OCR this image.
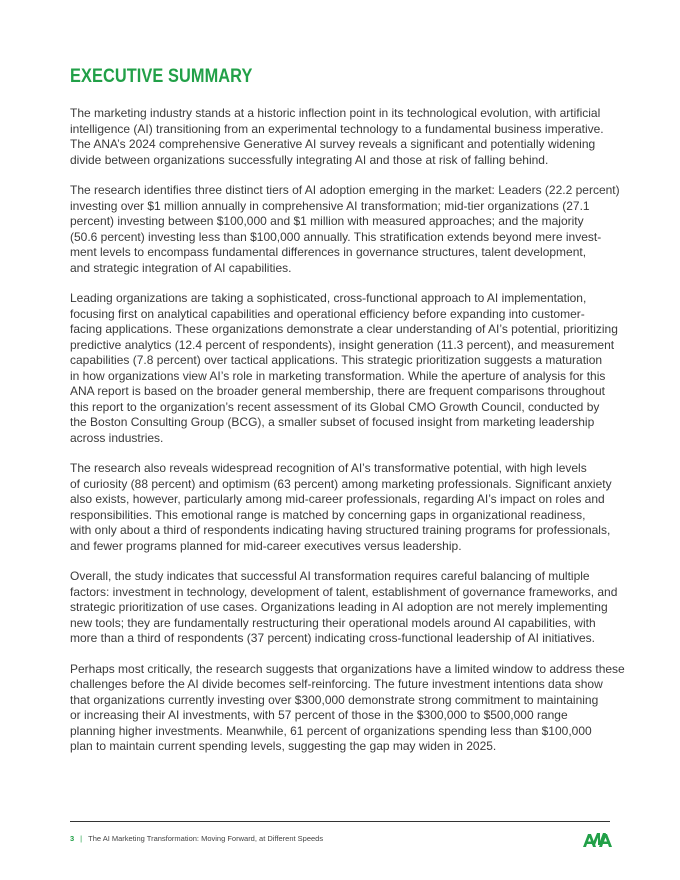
EXECUTIVE SUMMARY

The marketing industry stands at a historic inflection point in its technological evolution, with artificial
intelligence (AI) transitioning from an experimental technology to a fundamental business imperative.
The ANA’s 2024 comprehensive Generative AI survey reveals a significant and potentially widening
divide between organizations successfully integrating AI and those at risk of falling behind.

The research identifies three distinct tiers of AI adoption emerging in the market: Leaders (22.2 percent)
investing over $1 million annually in comprehensive AI transformation; mid-tier organizations (27.1
percent) investing between $100,000 and $1 million with measured approaches; and the majority
(50.6 percent) investing less than $100,000 annually. This stratification extends beyond mere invest-
ment levels to encompass fundamental differences in governance structures, talent development,
and strategic integration of AI capabilities.

Leading organizations are taking a sophisticated, cross-functional approach to AI implementation,
focusing first on analytical capabilities and operational efficiency before expanding into customer-
facing applications. These organizations demonstrate a clear understanding of AI’s potential, prioritizing
predictive analytics (12.4 percent of respondents), insight generation (11.3 percent), and measurement
capabilities (7.8 percent) over tactical applications. This strategic prioritization suggests a maturation
in how organizations view AI’s role in marketing transformation. While the aperture of analysis for this
ANA report is based on the broader general membership, there are frequent comparisons throughout
this report to the organization’s recent assessment of its Global CMO Growth Council, conducted by
the Boston Consulting Group (BCG), a smaller subset of focused insight from marketing leadership
across industries.

The research also reveals widespread recognition of AI’s transformative potential, with high levels
of curiosity (88 percent) and optimism (63 percent) among marketing professionals. Significant anxiety
also exists, however, particularly among mid-career professionals, regarding AI’s impact on roles and
responsibilities. This emotional range is matched by concerning gaps in organizational readiness,
with only about a third of respondents indicating having structured training programs for professionals,
and fewer programs planned for mid-career executives versus leadership.

Overall, the study indicates that successful AI transformation requires careful balancing of multiple
factors: investment in technology, development of talent, establishment of governance frameworks, and
strategic prioritization of use cases. Organizations leading in AI adoption are not merely implementing
new tools; they are fundamentally restructuring their operational models around AI capabilities, with
more than a third of respondents (37 percent) indicating cross-functional leadership of AI initiatives.

Perhaps most critically, the research suggests that organizations have a limited window to address these
challenges before the AI divide becomes self-reinforcing. The future investment intentions data show
that organizations currently investing over $300,000 demonstrate strong commitment to maintaining
or increasing their AI investments, with 57 percent of those in the $300,000 to $500,000 range
planning higher investments. Meanwhile, 61 percent of organizations spending less than $100,000
plan to maintain current spending levels, suggesting the gap may widen in 2025.

3 | The AI Marketing Transformation: Moving Forward, at Different Speeds
